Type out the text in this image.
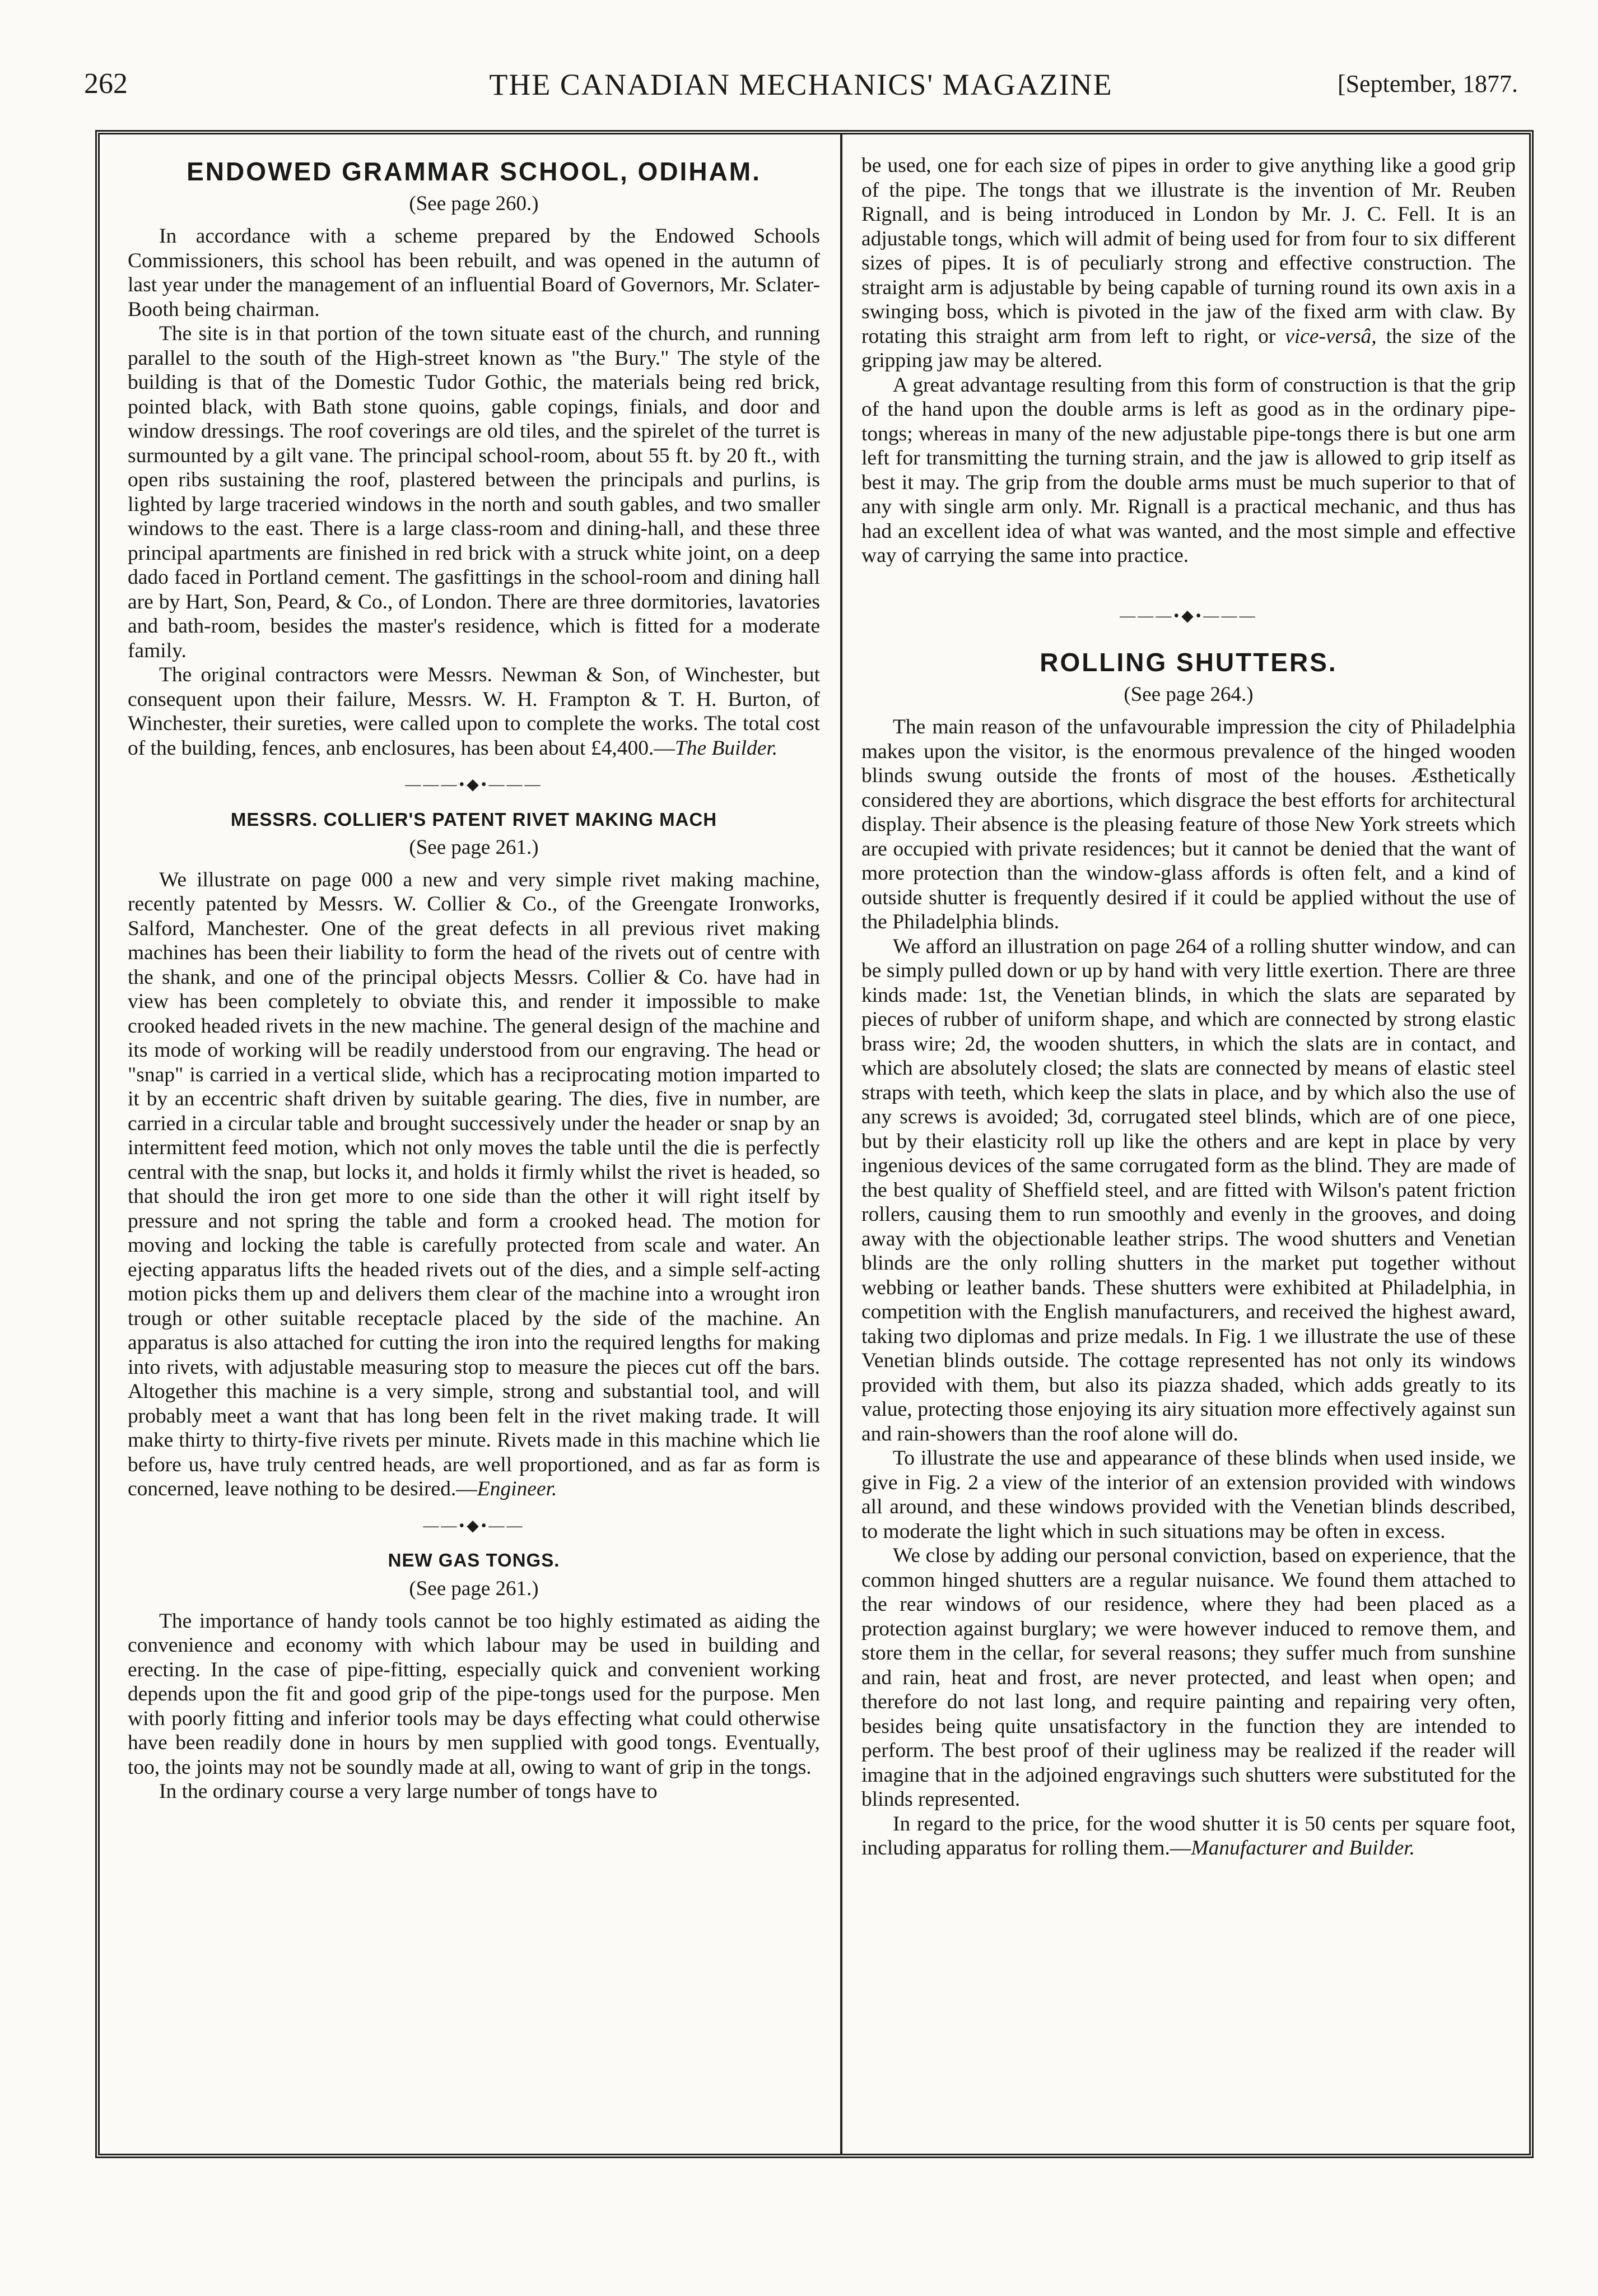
262	THE CANADIAN MECHANICS' MAGAZINE	[September, 1877.
ENDOWED GRAMMAR SCHOOL, ODIHAM.
(See page 260.)

In accordance with a scheme prepared by the Endowed Schools Commissioners, this school has been rebuilt, and was opened in the autumn of last year under the management of an influential Board of Governors, Mr. Sclater-Booth being chairman.

The site is in that portion of the town situate east of the church, and running parallel to the south of the High-street known as "the Bury." The style of the building is that of the Domestic Tudor Gothic, the materials being red brick, pointed black, with Bath stone quoins, gable copings, finials, and door and window dressings. The roof coverings are old tiles, and the spirelet of the turret is surmounted by a gilt vane. The principal school-room, about 55 ft. by 20 ft., with open ribs sustaining the roof, plastered between the principals and purlins, is lighted by large traceried windows in the north and south gables, and two smaller windows to the east. There is a large class-room and dining-hall, and these three principal apartments are finished in red brick with a struck white joint, on a deep dado faced in Portland cement. The gasfittings in the school-room and dining hall are by Hart, Son, Peard, & Co., of London. There are three dormitories, lavatories and bath-room, besides the master's residence, which is fitted for a moderate family.

The original contractors were Messrs. Newman & Son, of Winchester, but consequent upon their failure, Messrs. W. H. Frampton & T. H. Burton, of Winchester, their sureties, were called upon to complete the works. The total cost of the building, fences, anb enclosures, has been about £4,400.—The Builder.

———•◆•———
MESSRS. COLLIER'S PATENT RIVET MAKING MACH
(See page 261.)

We illustrate on page 000 a new and very simple rivet making machine, recently patented by Messrs. W. Collier & Co., of the Greengate Ironworks, Salford, Manchester. One of the great defects in all previous rivet making machines has been their liability to form the head of the rivets out of centre with the shank, and one of the principal objects Messrs. Collier & Co. have had in view has been completely to obviate this, and render it impossible to make crooked headed rivets in the new machine. The general design of the machine and its mode of working will be readily understood from our engraving. The head or "snap" is carried in a vertical slide, which has a reciprocating motion imparted to it by an eccentric shaft driven by suitable gearing. The dies, five in number, are carried in a circular table and brought successively under the header or snap by an intermittent feed motion, which not only moves the table until the die is perfectly central with the snap, but locks it, and holds it firmly whilst the rivet is headed, so that should the iron get more to one side than the other it will right itself by pressure and not spring the table and form a crooked head. The motion for moving and locking the table is carefully protected from scale and water. An ejecting apparatus lifts the headed rivets out of the dies, and a simple self-acting motion picks them up and delivers them clear of the machine into a wrought iron trough or other suitable receptacle placed by the side of the machine. An apparatus is also attached for cutting the iron into the required lengths for making into rivets, with adjustable measuring stop to measure the pieces cut off the bars. Altogether this machine is a very simple, strong and substantial tool, and will probably meet a want that has long been felt in the rivet making trade. It will make thirty to thirty-five rivets per minute. Rivets made in this machine which lie before us, have truly centred heads, are well proportioned, and as far as form is concerned, leave nothing to be desired.—Engineer.

——•◆•——
NEW GAS TONGS.
(See page 261.)

The importance of handy tools cannot be too highly estimated as aiding the convenience and economy with which labour may be used in building and erecting. In the case of pipe-fitting, especially quick and convenient working depends upon the fit and good grip of the pipe-tongs used for the purpose. Men with poorly fitting and inferior tools may be days effecting what could otherwise have been readily done in hours by men supplied with good tongs. Eventually, too, the joints may not be soundly made at all, owing to want of grip in the tongs.

In the ordinary course a very large number of tongs have to

be used, one for each size of pipes in order to give anything like a good grip of the pipe. The tongs that we illustrate is the invention of Mr. Reuben Rignall, and is being introduced in London by Mr. J. C. Fell. It is an adjustable tongs, which will admit of being used for from four to six different sizes of pipes. It is of peculiarly strong and effective construction. The straight arm is adjustable by being capable of turning round its own axis in a swinging boss, which is pivoted in the jaw of the fixed arm with claw. By rotating this straight arm from left to right, or vice-versâ, the size of the gripping jaw may be altered.

A great advantage resulting from this form of construction is that the grip of the hand upon the double arms is left as good as in the ordinary pipe-tongs; whereas in many of the new adjustable pipe-tongs there is but one arm left for transmitting the turning strain, and the jaw is allowed to grip itself as best it may. The grip from the double arms must be much superior to that of any with single arm only. Mr. Rignall is a practical mechanic, and thus has had an excellent idea of what was wanted, and the most simple and effective way of carrying the same into practice.

———•◆•———
ROLLING SHUTTERS.
(See page 264.)

The main reason of the unfavourable impression the city of Philadelphia makes upon the visitor, is the enormous prevalence of the hinged wooden blinds swung outside the fronts of most of the houses. Æsthetically considered they are abortions, which disgrace the best efforts for architectural display. Their absence is the pleasing feature of those New York streets which are occupied with private residences; but it cannot be denied that the want of more protection than the window-glass affords is often felt, and a kind of outside shutter is frequently desired if it could be applied without the use of the Philadelphia blinds.

We afford an illustration on page 264 of a rolling shutter window, and can be simply pulled down or up by hand with very little exertion. There are three kinds made: 1st, the Venetian blinds, in which the slats are separated by pieces of rubber of uniform shape, and which are connected by strong elastic brass wire; 2d, the wooden shutters, in which the slats are in contact, and which are absolutely closed; the slats are connected by means of elastic steel straps with teeth, which keep the slats in place, and by which also the use of any screws is avoided; 3d, corrugated steel blinds, which are of one piece, but by their elasticity roll up like the others and are kept in place by very ingenious devices of the same corrugated form as the blind. They are made of the best quality of Sheffield steel, and are fitted with Wilson's patent friction rollers, causing them to run smoothly and evenly in the grooves, and doing away with the objectionable leather strips. The wood shutters and Venetian blinds are the only rolling shutters in the market put together without webbing or leather bands. These shutters were exhibited at Philadelphia, in competition with the English manufacturers, and received the highest award, taking two diplomas and prize medals. In Fig. 1 we illustrate the use of these Venetian blinds outside. The cottage represented has not only its windows provided with them, but also its piazza shaded, which adds greatly to its value, protecting those enjoying its airy situation more effectively against sun and rain-showers than the roof alone will do.

To illustrate the use and appearance of these blinds when used inside, we give in Fig. 2 a view of the interior of an extension provided with windows all around, and these windows provided with the Venetian blinds described, to moderate the light which in such situations may be often in excess.

We close by adding our personal conviction, based on experience, that the common hinged shutters are a regular nuisance. We found them attached to the rear windows of our residence, where they had been placed as a protection against burglary; we were however induced to remove them, and store them in the cellar, for several reasons; they suffer much from sunshine and rain, heat and frost, are never protected, and least when open; and therefore do not last long, and require painting and repairing very often, besides being quite unsatisfactory in the function they are intended to perform. The best proof of their ugliness may be realized if the reader will imagine that in the adjoined engravings such shutters were substituted for the blinds represented.

In regard to the price, for the wood shutter it is 50 cents per square foot, including apparatus for rolling them.—Manufacturer and Builder.
